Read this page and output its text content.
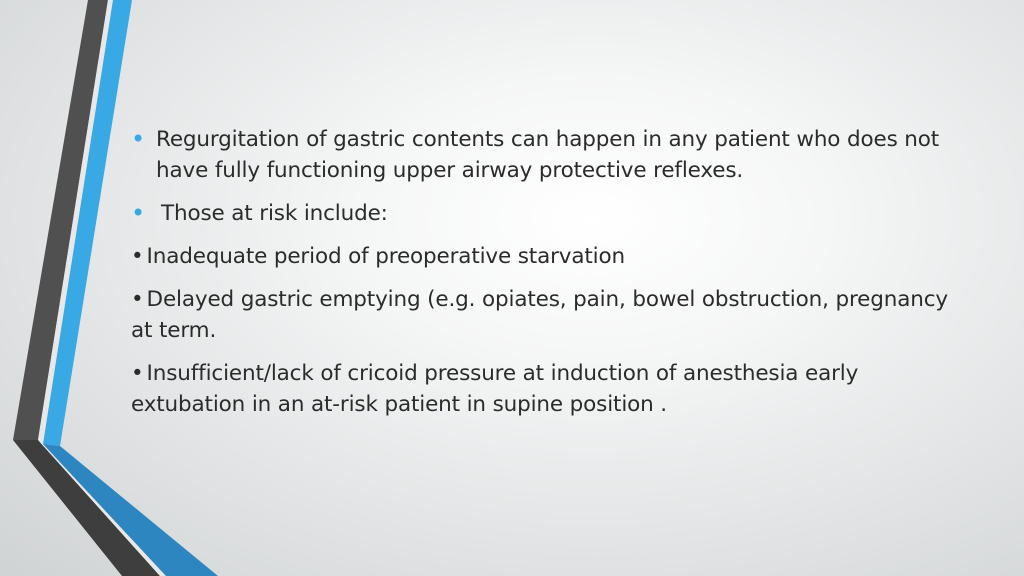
• Regurgitation of gastric contents can happen in any patient who does not have fully functioning upper airway protective reflexes.
• Those at risk include:

• Inadequate period of preoperative starvation

• Delayed gastric emptying (e.g. opiates, pain, bowel obstruction, pregnancy at term.

• Insufficient/lack of cricoid pressure at induction of anesthesia early extubation in an at-risk patient in supine position .
